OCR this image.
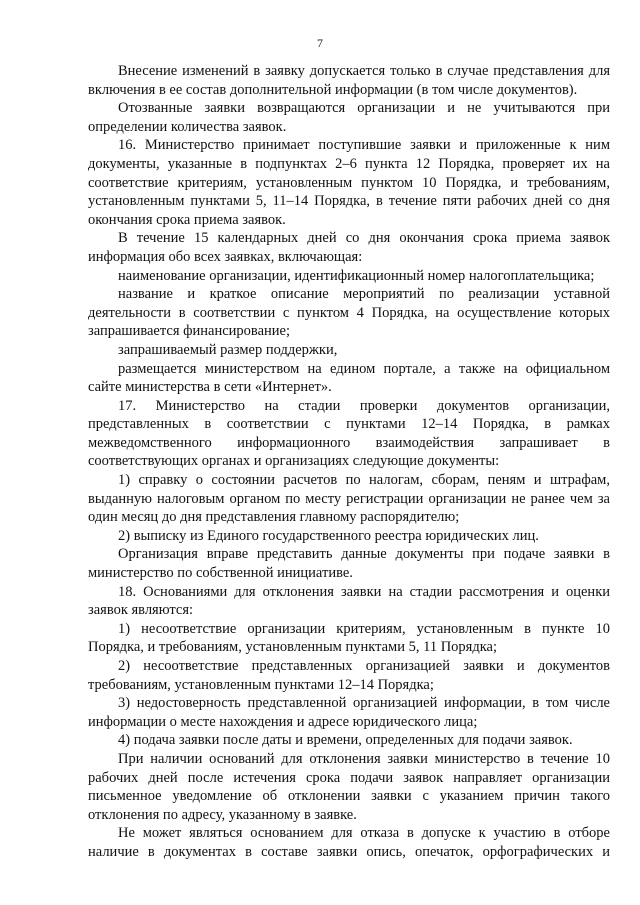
7

Внесение изменений в заявку допускается только в случае представления для включения в ее состав дополнительной информации (в том числе документов).

Отозванные заявки возвращаются организации и не учитываются при определении количества заявок.

16. Министерство принимает поступившие заявки и приложенные к ним документы, указанные в подпунктах 2–6 пункта 12 Порядка, проверяет их на соответствие критериям, установленным пунктом 10 Порядка, и требованиям, установленным пунктами 5, 11–14 Порядка, в течение пяти рабочих дней со дня окончания срока приема заявок.

В течение 15 календарных дней со дня окончания срока приема заявок информация обо всех заявках, включающая:

наименование организации, идентификационный номер налогоплательщика;

название и краткое описание мероприятий по реализации уставной деятельности в соответствии с пунктом 4 Порядка, на осуществление которых запрашивается финансирование;

запрашиваемый размер поддержки,

размещается министерством на едином портале, а также на официальном сайте министерства в сети «Интернет».

17. Министерство на стадии проверки документов организации, представленных в соответствии с пунктами 12–14 Порядка, в рамках межведомственного информационного взаимодействия запрашивает в соответствующих органах и организациях следующие документы:

1) справку о состоянии расчетов по налогам, сборам, пеням и штрафам, выданную налоговым органом по месту регистрации организации не ранее чем за один месяц до дня представления главному распорядителю;

2) выписку из Единого государственного реестра юридических лиц.

Организация вправе представить данные документы при подаче заявки в министерство по собственной инициативе.

18. Основаниями для отклонения заявки на стадии рассмотрения и оценки заявок являются:

1) несоответствие организации критериям, установленным в пункте 10 Порядка, и требованиям, установленным пунктами 5, 11 Порядка;

2) несоответствие представленных организацией заявки и документов требованиям, установленным пунктами 12–14 Порядка;

3) недостоверность представленной организацией информации, в том числе информации о месте нахождения и адресе юридического лица;

4) подача заявки после даты и времени, определенных для подачи заявок.

При наличии оснований для отклонения заявки министерство в течение 10 рабочих дней после истечения срока подачи заявок направляет организации письменное уведомление об отклонении заявки с указанием причин такого отклонения по адресу, указанному в заявке.

Не может являться основанием для отказа в допуске к участию в отборе наличие в документах в составе заявки опись, опечаток, орфографических и
